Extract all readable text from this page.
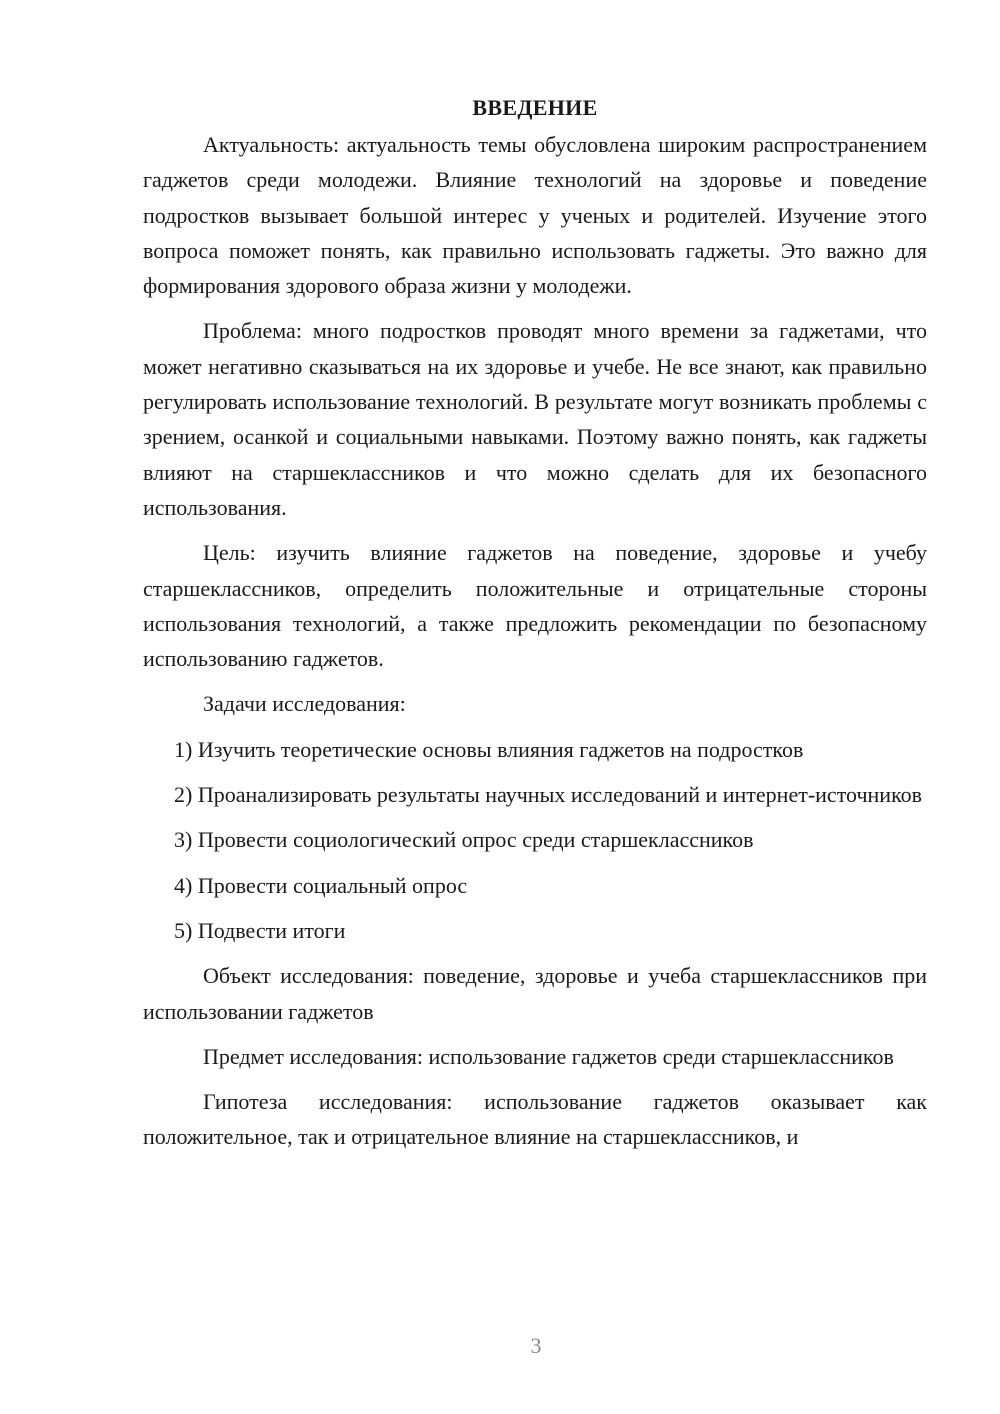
ВВЕДЕНИЕ

Актуальность: актуальность темы обусловлена широким распространением гаджетов среди молодежи. Влияние технологий на здоровье и поведение подростков вызывает большой интерес у ученых и родителей. Изучение этого вопроса поможет понять, как правильно использовать гаджеты. Это важно для формирования здорового образа жизни у молодежи.

Проблема: много подростков проводят много времени за гаджетами, что может негативно сказываться на их здоровье и учебе. Не все знают, как правильно регулировать использование технологий. В результате могут возникать проблемы с зрением, осанкой и социальными навыками. Поэтому важно понять, как гаджеты влияют на старшеклассников и что можно сделать для их безопасного использования.

Цель: изучить влияние гаджетов на поведение, здоровье и учебу старшеклассников, определить положительные и отрицательные стороны использования технологий, а также предложить рекомендации по безопасному использованию гаджетов.

Задачи исследования:

1) Изучить теоретические основы влияния гаджетов на подростков

2) Проанализировать результаты научных исследований и интернет-источников

3) Провести социологический опрос среди старшеклассников

4) Провести социальный опрос

5) Подвести итоги

Объект исследования: поведение, здоровье и учеба старшеклассников при использовании гаджетов

Предмет исследования: использование гаджетов среди старшеклассников

Гипотеза исследования: использование гаджетов оказывает как положительное, так и отрицательное влияние на старшеклассников, и

3
